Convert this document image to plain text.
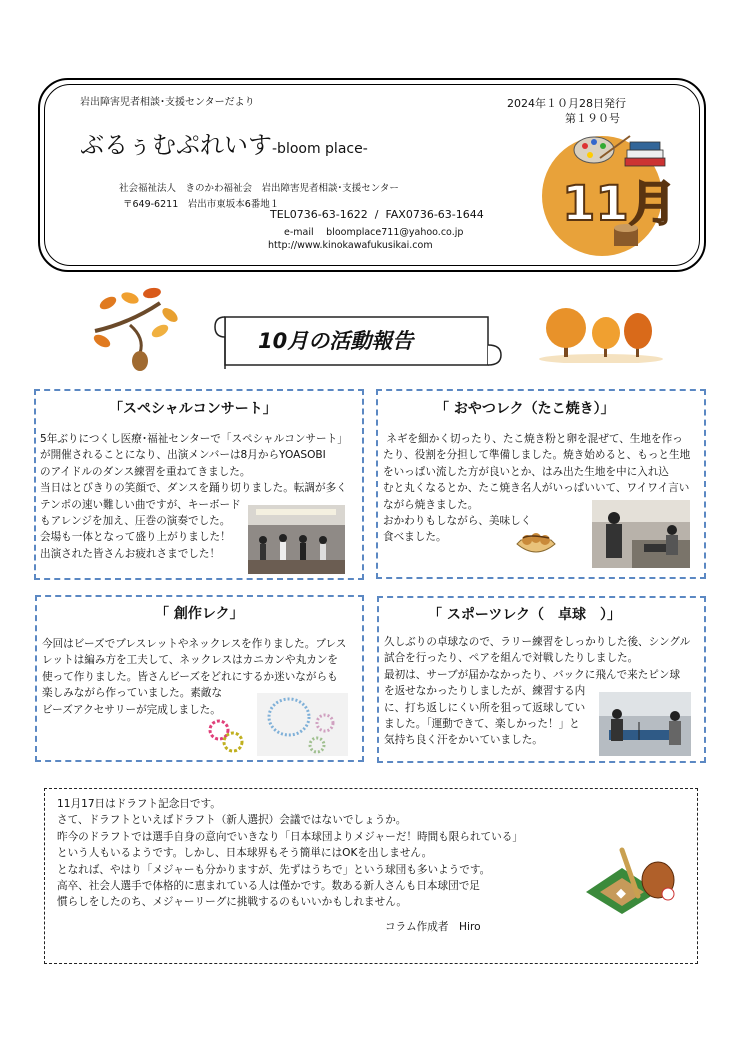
岩出障害児者相談･支援センターだより	2024年１０月28日発行
第１９０号
ぶるぅむぷれいす-bloom place-
社会福祉法人　きのかわ福祉会　岩出障害児者相談･支援センター
〒649-6211　岩出市東坂本6番地１
TEL0736-63-1622 / FAX0736-63-1644
e-mail　 bloomplace711@yahoo.co.jp
http://www.kinokawafukusikai.com
11月
10月の活動報告
「スペシャルコンサート」
5年ぶりにつくし医療･福祉センターで「スペシャルコンサート」
が開催されることになり、出演メンバーは8月からYOASOBI
のアイドルのダンス練習を重ねてきました。
当日はとびきりの笑顔で、ダンスを踊り切りました。転調が多く
テンポの速い難しい曲ですが、キーボード
もアレンジを加え、圧巻の演奏でした。
会場も一体となって盛り上がりました！
出演された皆さんお疲れさまでした！
「 おやつレク（たこ焼き）」
ネギを細かく切ったり、たこ焼き粉と卵を混ぜて、生地を作っ
たり、役割を分担して準備しました。焼き始めると、もっと生地
をいっぱい流した方が良いとか、はみ出た生地を中に入れ込
むと丸くなるとか、たこ焼き名人がいっぱいいて、ワイワイ言い
ながら焼きました。
おかわりもしながら、美味しく
食べました。
「 創作レク」
今回はビーズでブレスレットやネックレスを作りました。ブレス
レットは編み方を工夫して、ネックレスはカニカンや丸カンを
使って作りました。皆さんビーズをどれにするか迷いながらも
楽しみながら作っていました。素敵な
ビーズアクセサリーが完成しました。
「 スポーツレク（　卓球　）」
久しぶりの卓球なので、ラリー練習をしっかりした後、シングル
試合を行ったり、ペアを組んで対戦したりしました。
最初は、サーブが届かなかったり、バックに飛んで来たピン球
を返せなかったりしましたが、練習する内
に、打ち返しにくい所を狙って返球してい
ました。｢運動できて、楽しかった！」と
気持ち良く汗をかいていました。
11月17日はドラフト記念日です。
さて、ドラフトといえばドラフト（新人選択）会議ではないでしょうか。
昨今のドラフトでは選手自身の意向でいきなり「日本球団よりメジャーだ！時間も限られている」
という人もいるようです。しかし、日本球界もそう簡単にはOKを出しません。
となれば、やはり「メジャーも分かりますが、先ずはうちで」という球団も多いようです。
高卒、社会人選手で体格的に恵まれている人は僅かです。数ある新人さんも日本球団で足
慣らしをしたのち、メジャーリーグに挑戦するのもいいかもしれません。
コラム作成者　Hiro
